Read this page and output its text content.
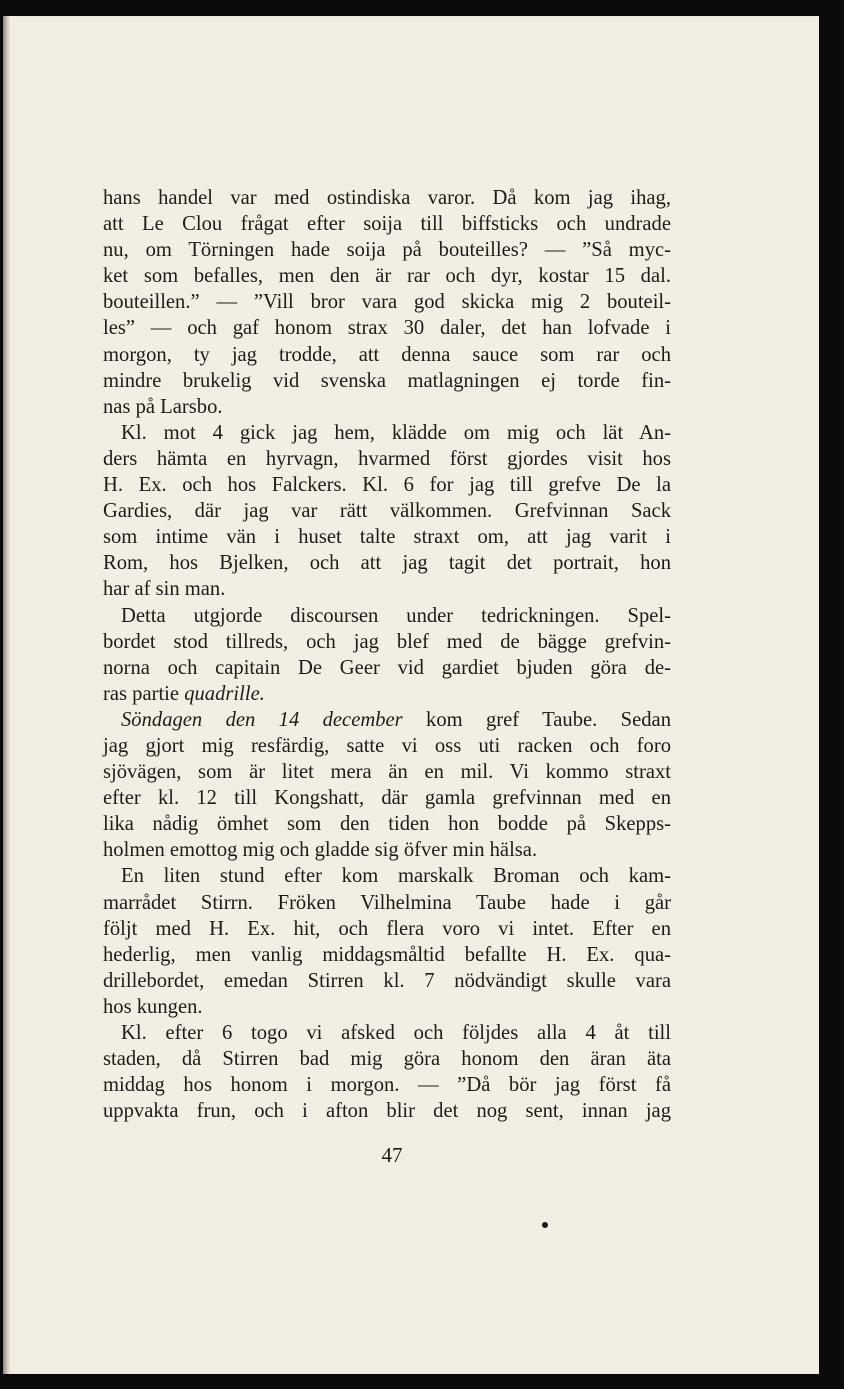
hans handel var med ostindiska varor. Då kom jag ihag,
att Le Clou frågat efter soija till biffsticks och undrade
nu, om Törningen hade soija på bouteilles? — ”Så myc-
ket som befalles, men den är rar och dyr, kostar 15 dal.
bouteillen.” — ”Vill bror vara god skicka mig 2 bouteil-
les” — och gaf honom strax 30 daler, det han lofvade i
morgon, ty jag trodde, att denna sauce som rar och
mindre brukelig vid svenska matlagningen ej torde fin-
nas på Larsbo.
Kl. mot 4 gick jag hem, klädde om mig och lät An-
ders hämta en hyrvagn, hvarmed först gjordes visit hos
H. Ex. och hos Falckers. Kl. 6 for jag till grefve De la
Gardies, där jag var rätt välkommen. Grefvinnan Sack
som intime vän i huset talte straxt om, att jag varit i
Rom, hos Bjelken, och att jag tagit det portrait, hon
har af sin man.
Detta utgjorde discoursen under tedrickningen. Spel-
bordet stod tillreds, och jag blef med de bägge grefvin-
norna och capitain De Geer vid gardiet bjuden göra de-
ras partie quadrille.
Söndagen den 14 december kom gref Taube. Sedan
jag gjort mig resfärdig, satte vi oss uti racken och foro
sjövägen, som är litet mera än en mil. Vi kommo straxt
efter kl. 12 till Kongshatt, där gamla grefvinnan med en
lika nådig ömhet som den tiden hon bodde på Skepps-
holmen emottog mig och gladde sig öfver min hälsa.
En liten stund efter kom marskalk Broman och kam-
marrådet Stirrn. Fröken Vilhelmina Taube hade i går
följt med H. Ex. hit, och flera voro vi intet. Efter en
hederlig, men vanlig middagsmåltid befallte H. Ex. qua-
drillebordet, emedan Stirren kl. 7 nödvändigt skulle vara
hos kungen.
Kl. efter 6 togo vi afsked och följdes alla 4 åt till
staden, då Stirren bad mig göra honom den äran äta
middag hos honom i morgon. — ”Då bör jag först få
uppvakta frun, och i afton blir det nog sent, innan jag
47
